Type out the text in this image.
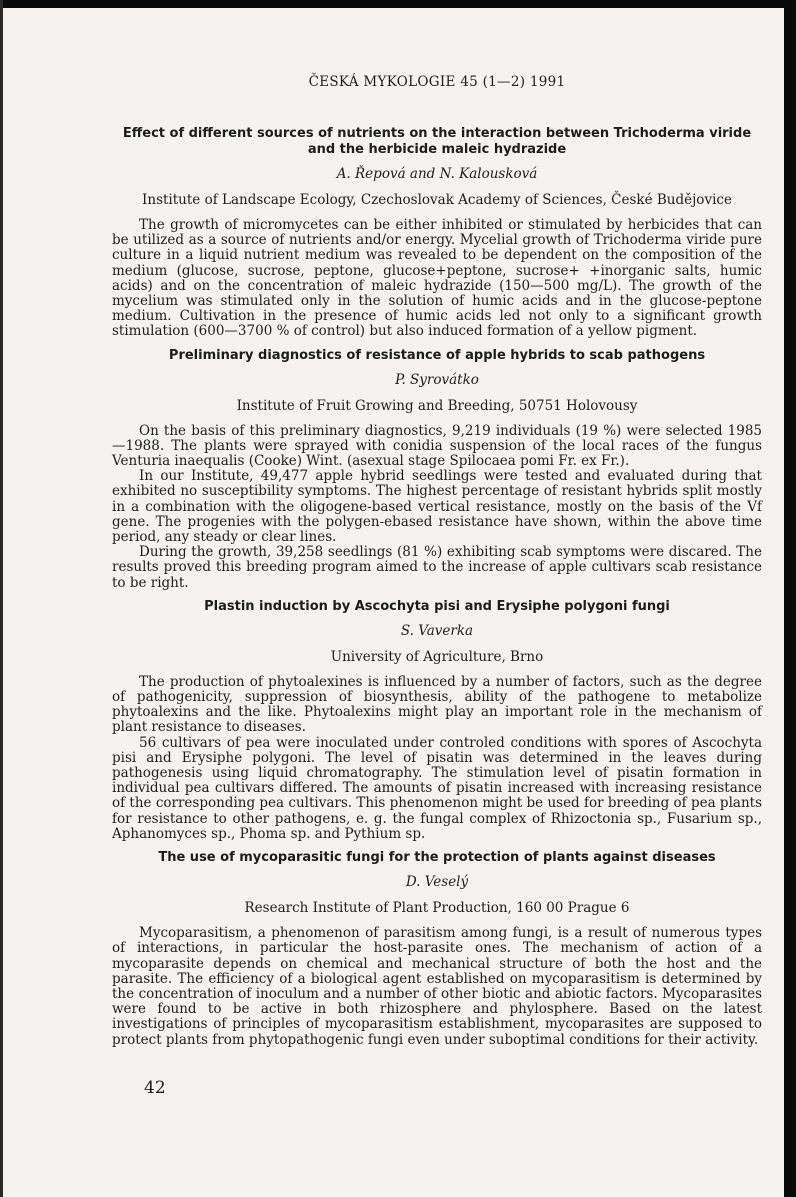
ČESKÁ MYKOLOGIE 45 (1—2) 1991
Effect of different sources of nutrients on the interaction between Trichoderma viride and the herbicide maleic hydrazide
A. Řepová and N. Kalousková
Institute of Landscape Ecology, Czechoslovak Academy of Sciences, České Budějovice

The growth of micromycetes can be either inhibited or stimulated by herbicides that can be utilized as a source of nutrients and/or energy. Mycelial growth of Trichoderma viride pure culture in a liquid nutrient medium was revealed to be dependent on the composition of the medium (glucose, sucrose, peptone, glucose+peptone, sucrose+ +inorganic salts, humic acids) and on the concentration of maleic hydrazide (150—500 mg/L). The growth of the mycelium was stimulated only in the solution of humic acids and in the glucose-peptone medium. Cultivation in the presence of humic acids led not only to a significant growth stimulation (600—3700 % of control) but also induced formation of a yellow pigment.

Preliminary diagnostics of resistance of apple hybrids to scab pathogens
P. Syrovátko
Institute of Fruit Growing and Breeding, 50751 Holovousy

On the basis of this preliminary diagnostics, 9,219 individuals (19 %) were selected 1985—1988. The plants were sprayed with conidia suspension of the local races of the fungus Venturia inaequalis (Cooke) Wint. (asexual stage Spilocaea pomi Fr. ex Fr.).

In our Institute, 49,477 apple hybrid seedlings were tested and evaluated during that exhibited no susceptibility symptoms. The highest percentage of resistant hybrids split mostly in a combination with the oligogene-based vertical resistance, mostly on the basis of the Vf gene. The progenies with the polygen-ebased resistance have shown, within the above time period, any steady or clear lines.

During the growth, 39,258 seedlings (81 %) exhibiting scab symptoms were discared. The results proved this breeding program aimed to the increase of apple cultivars scab resistance to be right.

Plastin induction by Ascochyta pisi and Erysiphe polygoni fungi
S. Vaverka
University of Agriculture, Brno

The production of phytoalexines is influenced by a number of factors, such as the degree of pathogenicity, suppression of biosynthesis, ability of the pathogene to metabolize phytoalexins and the like. Phytoalexins might play an important role in the mechanism of plant resistance to diseases.

56 cultivars of pea were inoculated under controled conditions with spores of Ascochyta pisi and Erysiphe polygoni. The level of pisatin was determined in the leaves during pathogenesis using liquid chromatography. The stimulation level of pisatin formation in individual pea cultivars differed. The amounts of pisatin increased with increasing resistance of the corresponding pea cultivars. This phenomenon might be used for breeding of pea plants for resistance to other pathogens, e. g. the fungal complex of Rhizoctonia sp., Fusarium sp., Aphanomyces sp., Phoma sp. and Pythium sp.

The use of mycoparasitic fungi for the protection of plants against diseases
D. Veselý
Research Institute of Plant Production, 160 00 Prague 6

Mycoparasitism, a phenomenon of parasitism among fungi, is a result of numerous types of interactions, in particular the host-parasite ones. The mechanism of action of a mycoparasite depends on chemical and mechanical structure of both the host and the parasite. The efficiency of a biological agent established on mycoparasitism is determined by the concentration of inoculum and a number of other biotic and abiotic factors. Mycoparasites were found to be active in both rhizosphere and phylosphere. Based on the latest investigations of principles of mycoparasitism establishment, mycoparasites are supposed to protect plants from phytopathogenic fungi even under suboptimal conditions for their activity.

42
